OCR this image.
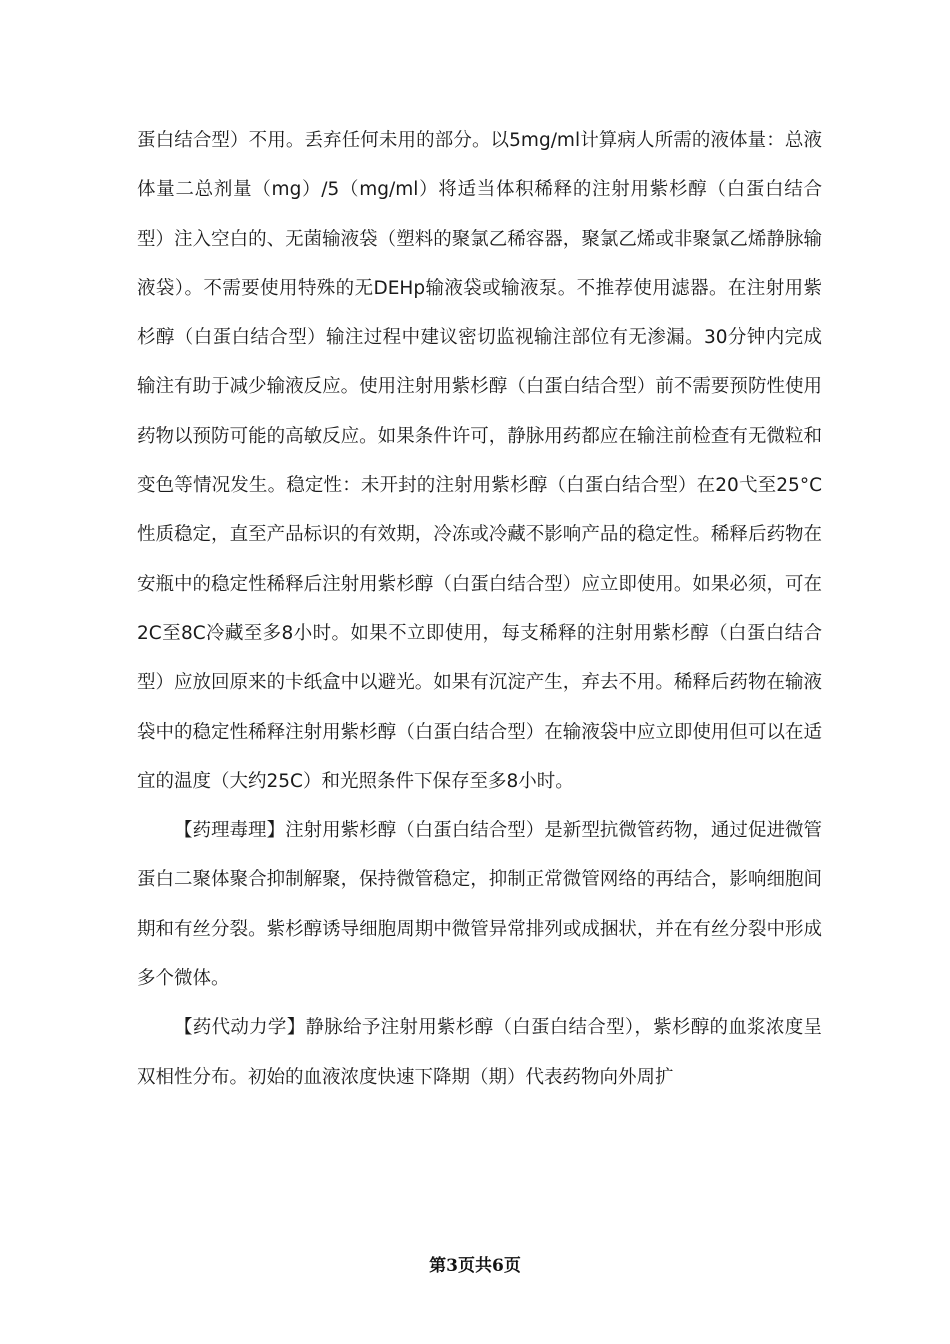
蛋白结合型）不用。丢弃任何未用的部分。以5mg/ml计算病人所需的液体量：总液体量二总剂量（mg）/5（mg/ml）将适当体积稀释的注射用紫杉醇（白蛋白结合型）注入空白的、无菌输液袋（塑料的聚氯乙稀容器，聚氯乙烯或非聚氯乙烯静脉输液袋）。不需要使用特殊的无DEHp输液袋或输液泵。不推荐使用滤器。在注射用紫杉醇（白蛋白结合型）输注过程中建议密切监视输注部位有无渗漏。30分钟内完成输注有助于减少输液反应。使用注射用紫杉醇（白蛋白结合型）前不需要预防性使用药物以预防可能的高敏反应。如果条件许可，静脉用药都应在输注前检查有无微粒和变色等情况发生。稳定性：未开封的注射用紫杉醇（白蛋白结合型）在20弋至25°C性质稳定，直至产品标识的有效期，冷冻或冷藏不影响产品的稳定性。稀释后药物在安瓶中的稳定性稀释后注射用紫杉醇（白蛋白结合型）应立即使用。如果必须，可在2C至8C冷藏至多8小时。如果不立即使用，每支稀释的注射用紫杉醇（白蛋白结合型）应放回原来的卡纸盒中以避光。如果有沉淀产生，弃去不用。稀释后药物在输液袋中的稳定性稀释注射用紫杉醇（白蛋白结合型）在输液袋中应立即使用但可以在适宜的温度（大约25C）和光照条件下保存至多8小时。

【药理毒理】注射用紫杉醇（白蛋白结合型）是新型抗微管药物，通过促进微管蛋白二聚体聚合抑制解聚，保持微管稳定，抑制正常微管网络的再结合，影响细胞间期和有丝分裂。紫杉醇诱导细胞周期中微管异常排列或成捆状，并在有丝分裂中形成多个微体。

【药代动力学】静脉给予注射用紫杉醇（白蛋白结合型），紫杉醇的血浆浓度呈双相性分布。初始的血液浓度快速下降期（期）代表药物向外周扩

第3页共6页
